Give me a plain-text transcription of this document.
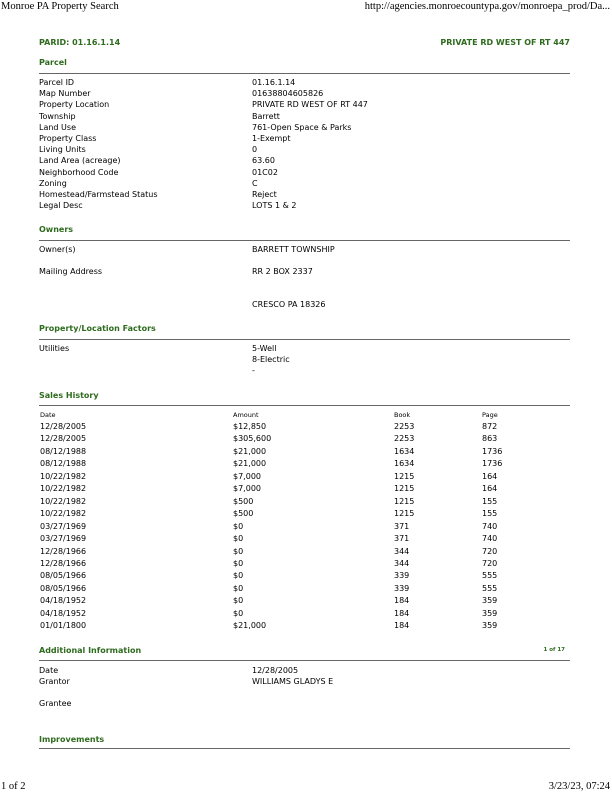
Monroe PA Property Search	http://agencies.monroecountypa.gov/monroepa_prod/Da...
PARID: 01.16.1.14	PRIVATE RD WEST OF RT 447
Parcel
Parcel ID	01.16.1.14
Map Number	01638804605826
Property Location	PRIVATE RD WEST OF RT 447
Township	Barrett
Land Use	761-Open Space & Parks
Property Class	1-Exempt
Living Units	0
Land Area (acreage)	63.60
Neighborhood Code	01C02
Zoning	C
Homestead/Farmstead Status	Reject
Legal Desc	LOTS 1 & 2
Owners
Owner(s)	BARRETT TOWNSHIP
Mailing Address	RR 2 BOX 2337
CRESCO PA 18326
Property/Location Factors
Utilities	5-Well
8-Electric
-
Sales History
Date	Amount	Book	Page
12/28/2005	$12,850	2253	872
12/28/2005	$305,600	2253	863
08/12/1988	$21,000	1634	1736
08/12/1988	$21,000	1634	1736
10/22/1982	$7,000	1215	164
10/22/1982	$7,000	1215	164
10/22/1982	$500	1215	155
10/22/1982	$500	1215	155
03/27/1969	$0	371	740
03/27/1969	$0	371	740
12/28/1966	$0	344	720
12/28/1966	$0	344	720
08/05/1966	$0	339	555
08/05/1966	$0	339	555
04/18/1952	$0	184	359
04/18/1952	$0	184	359
01/01/1800	$21,000	184	359
Additional Information	1 of 17
Date	12/28/2005
Grantor	WILLIAMS GLADYS E
Grantee
Improvements
1 of 2	3/23/23, 07:24
